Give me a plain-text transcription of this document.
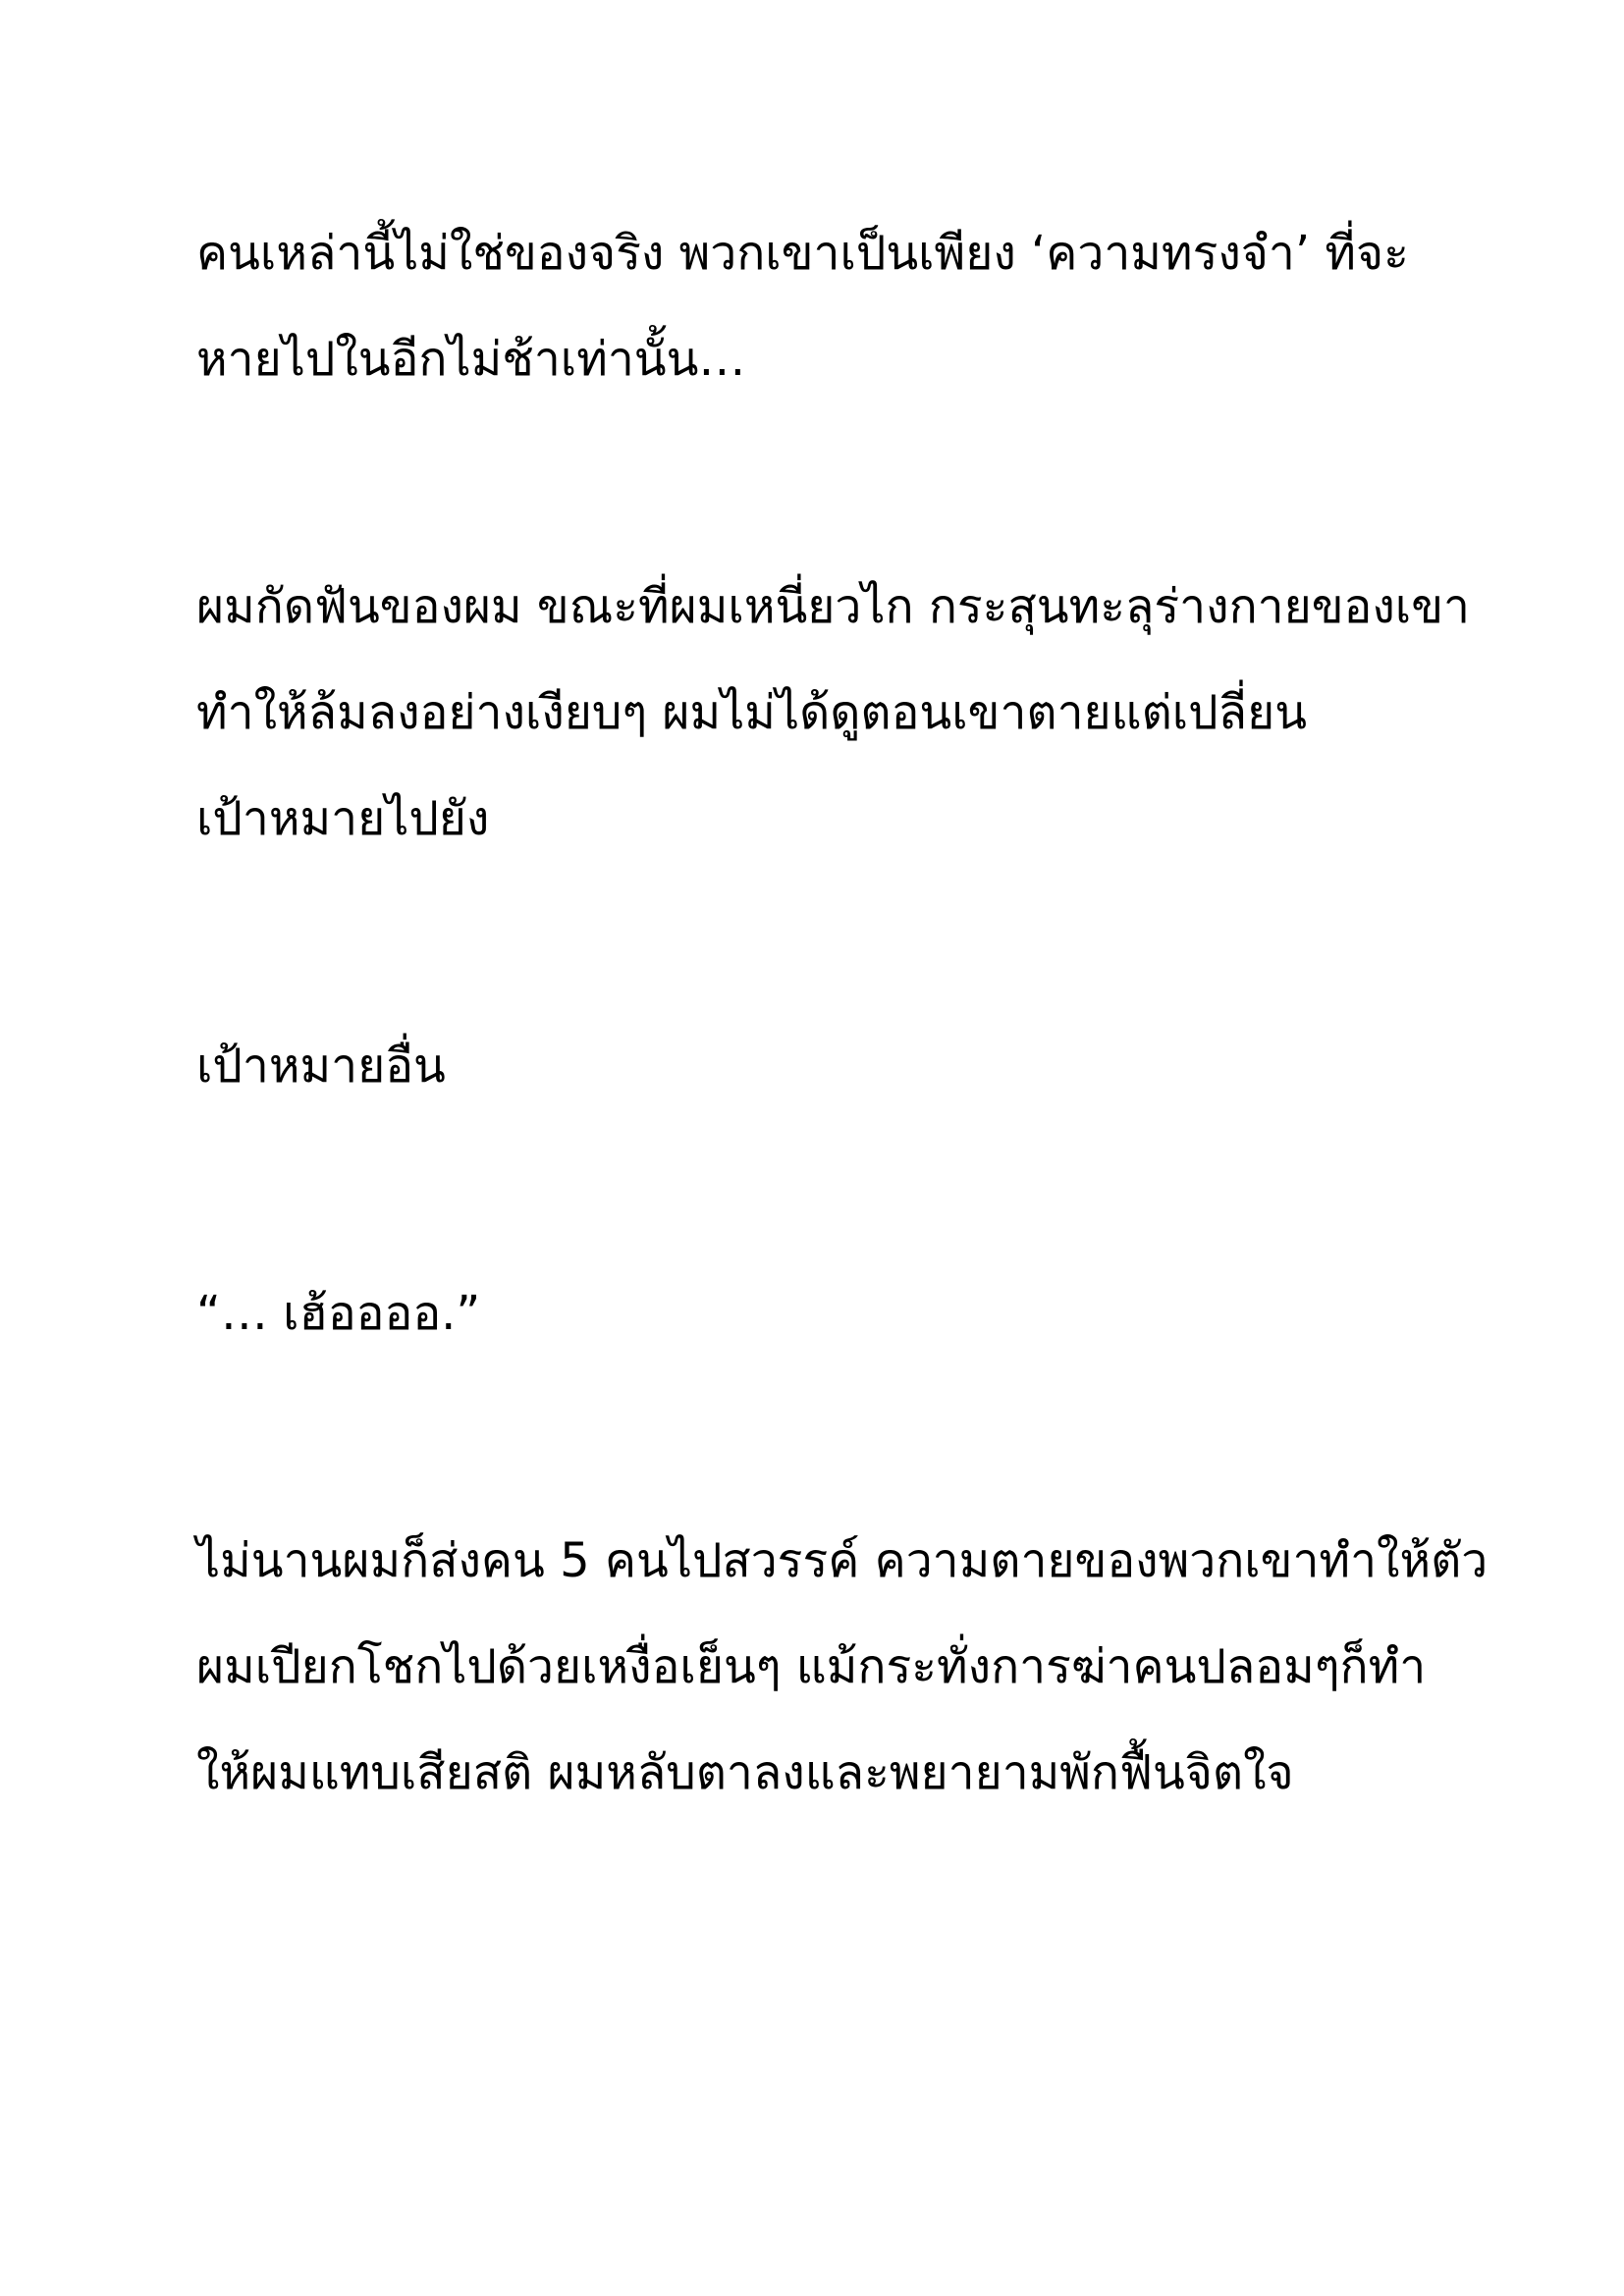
คนเหล่านี้ไม่ใช่ของจริง พวกเขาเป็นเพียง ‘ความทรงจำ’ ที่จะ
หายไปในอีกไม่ช้าเท่านั้น…
ผมกัดฟันของผม ขณะที่ผมเหนี่ยวไก กระสุนทะลุร่างกายของเขา
ทำให้ล้มลงอย่างเงียบๆ ผมไม่ได้ดูตอนเขาตายแต่เปลี่ยน
เป้าหมายไปยัง
เป้าหมายอื่น
“… เฮ้ออออ.”
ไม่นานผมก็ส่งคน 5 คนไปสวรรค์ ความตายของพวกเขาทำให้ตัว
ผมเปียกโชกไปด้วยเหงื่อเย็นๆ แม้กระทั่งการฆ่าคนปลอมๆก็ทำ
ให้ผมแทบเสียสติ ผมหลับตาลงและพยายามพักฟื้นจิตใจ
